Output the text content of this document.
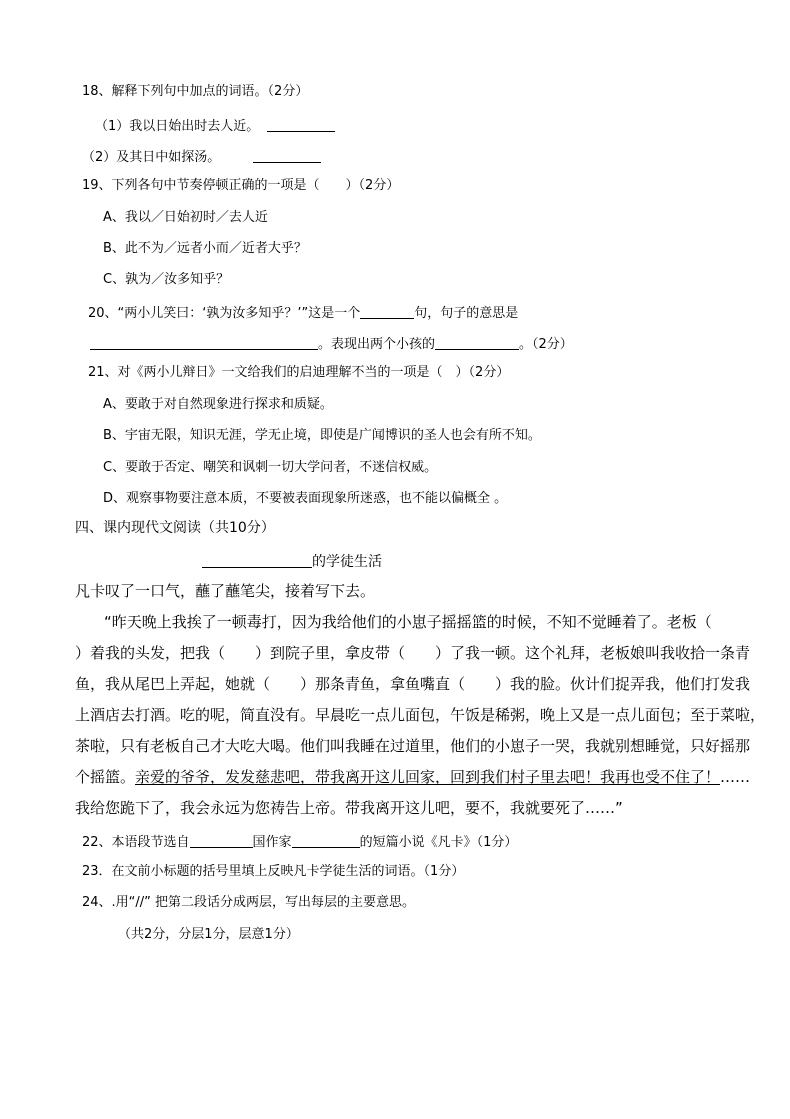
18、解释下列句中加点的词语。（2分）
（1）我以日始出时去人近。
（2）及其日中如探汤。
19、下列各句中节奏停顿正确的一项是（　　）（2分）
A、我以／日始初时／去人近
B、此不为／远者小而／近者大乎？
C、孰为／汝多知乎？
20、“两小儿笑曰：‘孰为汝多知乎？’”这是一个	句，句子的意思是
。表现出两个小孩的	。（2分）
21、对《两小儿辩日》一文给我们的启迪理解不当的一项是（　）（2分）
A、要敢于对自然现象进行探求和质疑。
B、宇宙无限，知识无涯，学无止境，即使是广闻博识的圣人也会有所不知。
C、要敢于否定、嘲笑和讽刺一切大学问者，不迷信权威。
D、观察事物要注意本质，不要被表面现象所迷惑，也不能以偏概全 。
四、课内现代文阅读（共10分）
的学徒生活
凡卡叹了一口气，蘸了蘸笔尖，接着写下去。
“昨天晚上我挨了一顿毒打，因为我给他们的小崽子摇摇篮的时候，不知不觉睡着了。老板（
）着我的头发，把我（　　）到院子里，拿皮带（　　）了我一顿。这个礼拜，老板娘叫我收拾一条青
鱼，我从尾巴上弄起，她就（　　）那条青鱼，拿鱼嘴直（　　）我的脸。伙计们捉弄我，他们打发我
上酒店去打酒。吃的呢，简直没有。早晨吃一点儿面包，午饭是稀粥，晚上又是一点儿面包；至于菜啦，
茶啦，只有老板自己才大吃大喝。他们叫我睡在过道里，他们的小崽子一哭，我就别想睡觉，只好摇那
个摇篮。亲爱的爷爷，发发慈悲吧，带我离开这儿回家，回到我们村子里去吧！我再也受不住了！……
我给您跪下了，我会永远为您祷告上帝。带我离开这儿吧，要不，我就要死了……”
22、本语段节选自	国作家	的短篇小说《凡卡》（1分）
23．在文前小标题的括号里填上反映凡卡学徒生活的词语。（1分）
24、.用“//” 把第二段话分成两层，写出每层的主要意思。
（共2分，分层1分，层意1分）
